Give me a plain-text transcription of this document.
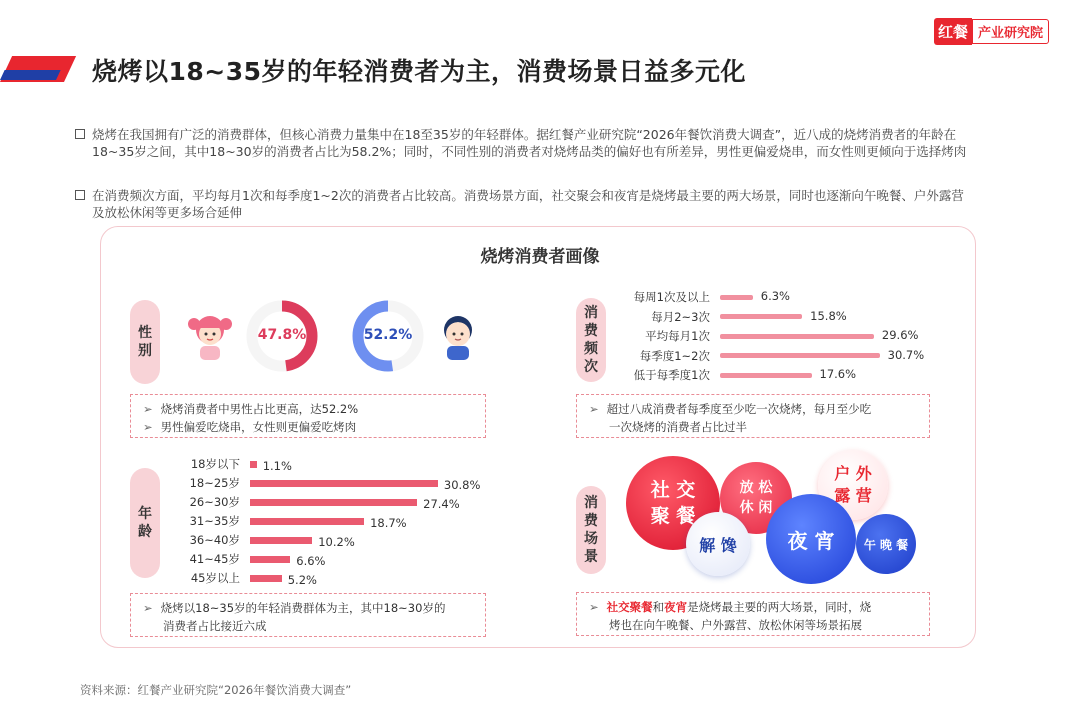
烧烤以18~35岁的年轻消费者为主，消费场景日益多元化
红餐 产业研究院
烧烤在我国拥有广泛的消费群体，但核心消费力量集中在18至35岁的年轻群体。据红餐产业研究院“2026年餐饮消费大调查”，近八成的烧烤消费者的年龄在18~35岁之间，其中18~30岁的消费者占比为58.2%；同时，不同性别的消费者对烧烤品类的偏好也有所差异，男性更偏爱烧串，而女性则更倾向于选择烤肉
在消费频次方面，平均每月1次和每季度1~2次的消费者占比较高。消费场景方面，社交聚会和夜宵是烧烤最主要的两大场景，同时也逐渐向午晚餐、户外露营及放松休闲等更多场合延伸
烧烤消费者画像
性
别
47.8%	52.2%
➢ 烧烤消费者中男性占比更高，达52.2%
➢ 男性偏爱吃烧串，女性则更偏爱吃烤肉
消
费
频
次
每周1次及以上	6.3%
每月2~3次	15.8%
平均每月1次	29.6%
每季度1~2次	30.7%
低于每季度1次	17.6%
➢ 超过八成消费者每季度至少吃一次烧烤，每月至少吃
一次烧烤的消费者占比过半
年
龄
18岁以下 1.1%
18~25岁	30.8%
26~30岁	27.4%
31~35岁	18.7%
36~40岁	10.2%
41~45岁	6.6%
45岁以上	5.2%
➢ 烧烤以18~35岁的年轻消费群体为主，其中18~30岁的
消费者占比接近六成
消
费
场
景
社 交
聚 餐
放 松
休 闲
户 外
露 营
解 馋	夜 宵	午 晚 餐
➢ 社交聚餐和夜宵是烧烤最主要的两大场景，同时，烧
烤也在向午晚餐、户外露营、放松休闲等场景拓展
资料来源：红餐产业研究院“2026年餐饮消费大调查”
